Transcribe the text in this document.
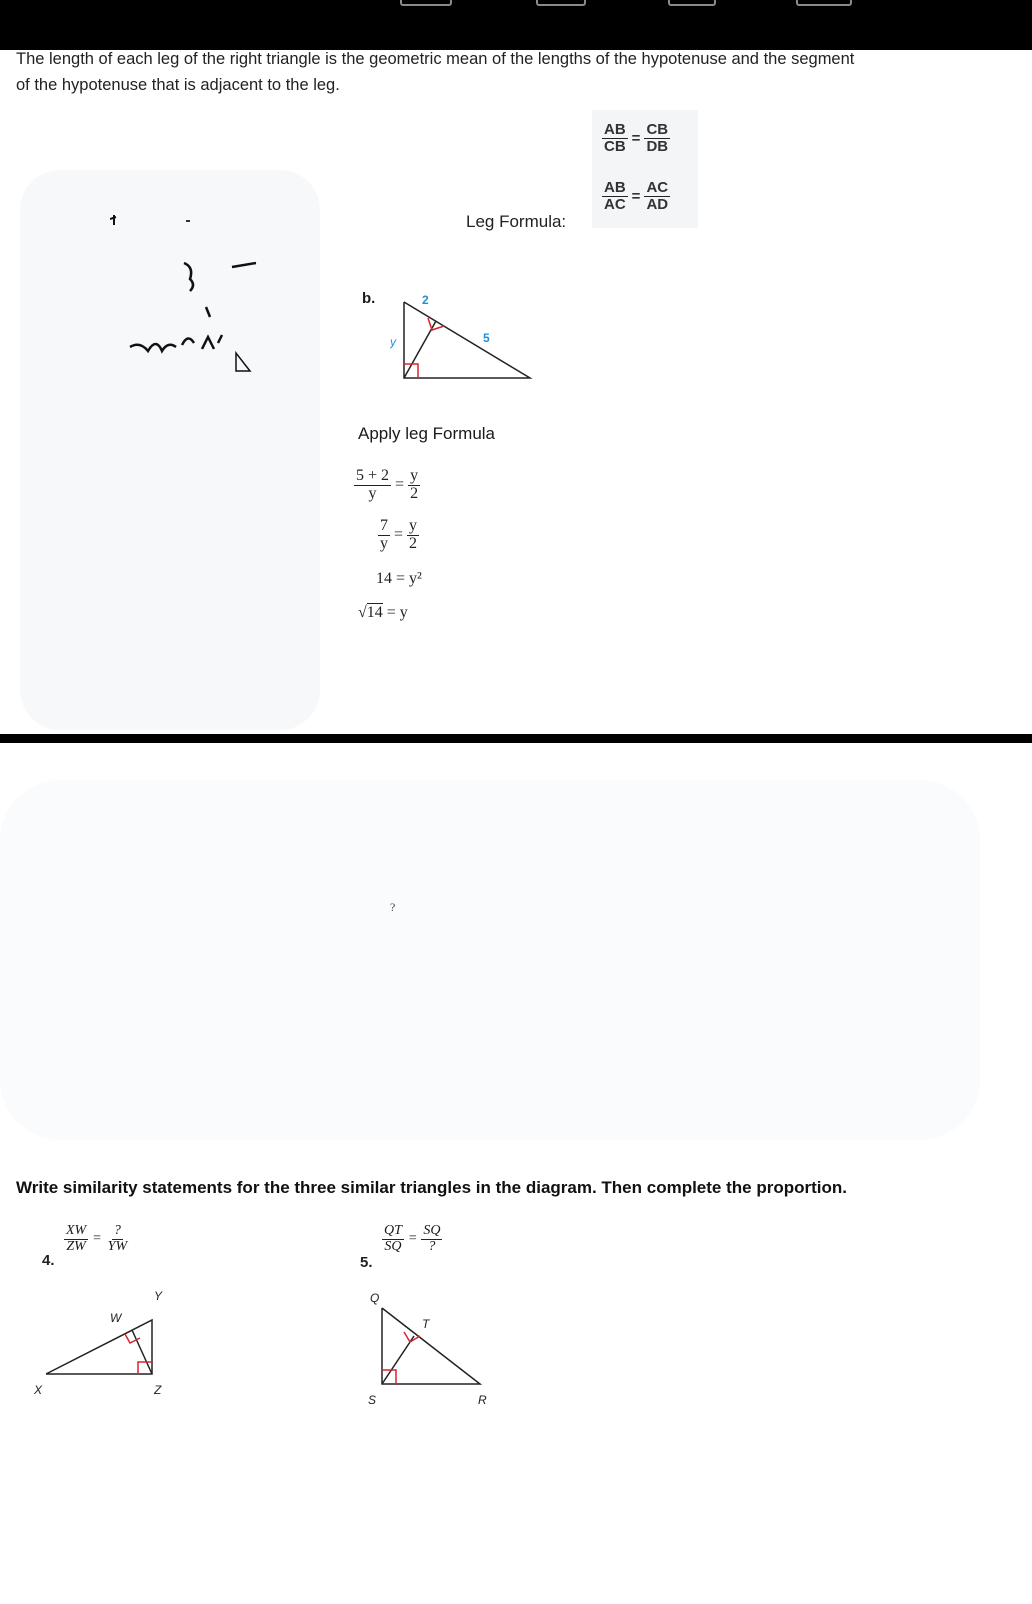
The length of each leg of the right triangle is the geometric mean of the lengths of the hypotenuse and the segment
of the hypotenuse that is adjacent to the leg.
$\frac{AB}{CB} = \frac{CB}{DB}$
$\frac{AB}{AC} = \frac{AC}{AD}$
Leg Formula:
b.	2
5
y
Apply leg Formula
$\frac{5 + 2}{y} = \frac{y}{2}$
$\frac{7}{y} = \frac{y}{2}$
14 = y²
√14 = y
?
Write similarity statements for the three similar triangles in the diagram. Then complete the proportion.
4.
$\frac{XW}{ZW} = \frac{?}{YW}$
Y
W
X	Z
5.
$\frac{QT}{SQ} = \frac{SQ}{?}$
Q
T
S	R
